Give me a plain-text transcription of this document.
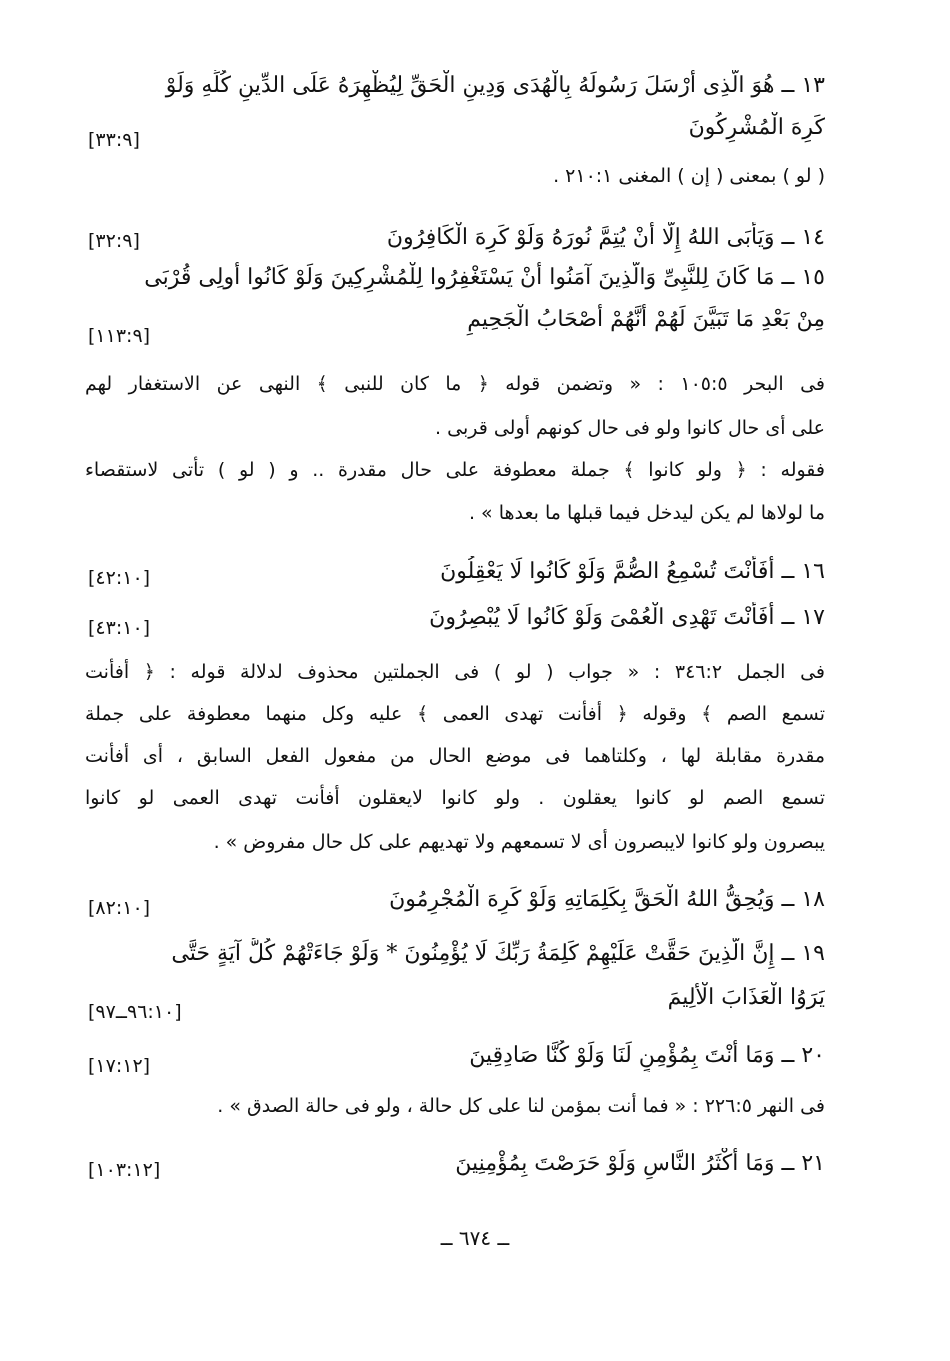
١٣ ــ هُوَ الَّذِى أَرْسَلَ رَسُولَهُ بِالْهُدَى وَدِينِ الْحَقِّ لِيُظْهِرَهُ عَلَى الدِّينِ كُلِّهِ وَلَوْ
كَرِهَ الْمُشْرِكُونَ
[٣٣:٩]
( لو ) بمعنى ( إن ) المغنى ٢١٠:١ .
١٤ ــ وَيَأْبَى اللهُ إِلَّا أَنْ يُتِمَّ نُورَهُ وَلَوْ كَرِهَ الْكَافِرُونَ
[٣٢:٩]
١٥ ــ مَا كَانَ لِلنَّبِىِّ وَالَّذِينَ آمَنُوا أَنْ يَسْتَغْفِرُوا لِلْمُشْرِكِينَ وَلَوْ كَانُوا أُولِى قُرْبَى
مِنْ بَعْدِ مَا تَبَيَّنَ لَهُمْ أَنَّهُمْ أَصْحَابُ الْجَحِيمِ
[١١٣:٩]
فى البحر ١٠٥:٥ : « وتضمن قوله ﴿ ما كان للنبى ﴾ النهى عن الاستغفار لهم
على أى حال كانوا ولو فى حال كونهم أولى قربى .
فقوله : ﴿ ولو كانوا ﴾ جملة معطوفة على حال مقدرة .. و ( لو ) تأتى لاستقصاء
ما لولاها لم يكن ليدخل فيما قبلها ما بعدها » .
١٦ ــ أَفَأَنْتَ تُسْمِعُ الصُّمَّ وَلَوْ كَانُوا لَا يَعْقِلُونَ
[٤٢:١٠]
١٧ ــ أَفَأَنْتَ تَهْدِى الْعُمْىَ وَلَوْ كَانُوا لَا يُبْصِرُونَ
[٤٣:١٠]
فى الجمل ٣٤٦:٢ : « جواب ( لو ) فى الجملتين محذوف لدلالة قوله : ﴿ أفأنت
تسمع الصم ﴾ وقوله ﴿ أفأنت تهدى العمى ﴾ عليه وكل منهما معطوفة على جملة
مقدرة مقابلة لها ، وكلتاهما فى موضع الحال من مفعول الفعل السابق ، أى أفأنت
تسمع الصم لو كانوا يعقلون . ولو كانوا لايعقلون أفأنت تهدى العمى لو كانوا
يبصرون ولو كانوا لايبصرون أى لا تسمعهم ولا تهديهم على كل حال مفروض » .
١٨ ــ وَيُحِقُّ اللهُ الْحَقَّ بِكَلِمَاتِهِ وَلَوْ كَرِهَ الْمُجْرِمُونَ
[٨٢:١٠]
١٩ ــ إِنَّ الَّذِينَ حَقَّتْ عَلَيْهِمْ كَلِمَةُ رَبِّكَ لَا يُؤْمِنُونَ * وَلَوْ جَاءَتْهُمْ كُلُّ آيَةٍ حَتَّى
يَرَوُا الْعَذَابَ الْأَلِيمَ
[٩٦:١٠ــ٩٧]
٢٠ ــ وَمَا أَنْتَ بِمُؤْمِنٍ لَنَا وَلَوْ كُنَّا صَادِقِينَ
[١٧:١٢]
فى النهر ٢٢٦:٥ : « فما أنت بمؤمن لنا على كل حالة ، ولو فى حالة الصدق » .
٢١ ــ وَمَا أَكْثَرُ النَّاسِ وَلَوْ حَرَصْتَ بِمُؤْمِنِينَ
[١٠٣:١٢]
ــ ٦٧٤ ــ
